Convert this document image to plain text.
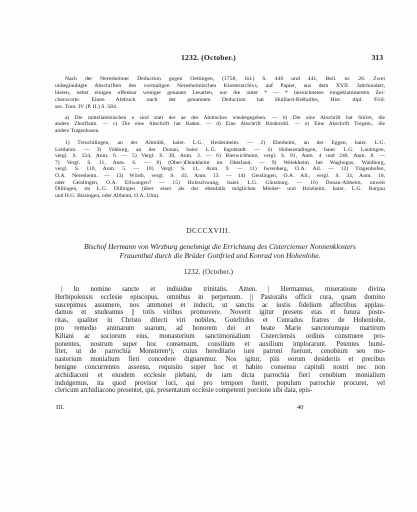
1232. (October.)	313
Nach der Neresheimer Deduction gegen Oettingen, (1758, fol.) S. 440 und 441, Beil. nr. 26. Zwei
unbeglaubigte Abschriften des vormaligen Neresheimischen Klosterarchivs, auf Papier, aus dem XVII. Jahrhundert,
bieten, nebst einigen offenbar weniger genauen Lesarten, nur die unter * — * bezeichneten eingeklammerten Zei-
chenworte. Einen Abdruck nach der genannten Deduction hat Huillard-Bréholles, Hist. dipl. Frid.
sec. Tom. IV (P. II.) S. 584.
a) Die mittellateinischen e sind statt der ae des Abdruckes wiedergegeben. — b) Die eine Abschrift hat Stirim, die
andere Zhorflaim. — c) Die eine Abschrift hat Baden. — d) Eine Abschrift Bindersdil. — e) Eine Abschrift Tregam., die
andere Tragenhusen.
1) Treuchtlingen, an der Altmühl, baier. L.G. Heidenheim. — 2) Eberheim, an der Eggen, baier. L.G.
Leitheim. — 3) Vohburg, an der Donau, baier. L.G. Ingolstadt. — 4) Hohenstadingen, baier. L.G. Lautingen,
vergl. S. 124, Anm. 6. — 5) Vergl. S. 38, Anm. 2. — 6) Bieswichheim, vergl. S. 81, Anm. 4 und 246. Anm. 8. —
7) Vergl. S. 11, Anm. 6. — 8) (Ober-)Deiekheim im Oberland. — 9) Weiekheim bei Wagbogus, Waldburg,
vergl. S. 110, Anm. 5. — 10) Vergl. S. 11, Anm. 9. — 11) Iwrenberg, O.A. Ail. — 12) Tragenhofen,
O.A. Neresheim. — 13) Wörth, vergl. S. 43, Anm. 13. — 14) Geislingen, O.A. Ail., vergl. S. 33, Anm. 10,
oder Geislingen, O.A. Ellwangen? — 15) Holzschwang, baier. L.G. Günzburg. — 16) Donau-Altheim, unweit
Dillingen, im L.G. Dillingen (über einer als der ebenfalls möglichen Minder- und Holzheim, baier. L.G. Burgau
und H.G. Bissingen, oder Altheim, O.A. Ulm).
DCCCXVIII.
Bischof Hermann von Wirzburg genehmigt die Errichtung des Cistercienser Nonnenklosters
Frauenthal durch die Brüder Gottfried und Konrad von Hohenlohe.
1232. (October.)
| In nomine sancte et indiuidue trinitatis. Amen. | Hermannus, miseratione divina
Herbipolensis ecclesie episcopus, omnibus in perpetuum. || Pastoralis officii cura, quam domino
suscepimus assumere, nos ammonet et inducit, ut sanctis ac iustis fidelium affectibus applau-
damus et studeamus || totis viribus promovere. Noverit igitur presens etas et futura poste-
ritas, qualiter in Christo dilecti viri nobiles, Gotefridus et Cunradus fratres de Hohenlohe,
pro remedio animarum suarum, ad honorem dei et beate Marie sanctorumque martirum
Kiliani ac sociorum eius, monasterium sanctimonialium Cisterciensis ordinis construere pro-
ponentes, nostrum super hoc consensum, consilium et auxilium implorarunt. Petentes humi-
liter, ut de parrochia Monsteren¹), cuius hereditario iure patroni fuerunt, cenobium seu mo-
nasterium monialium fieri concedere dignaremur. Nos igitur, piis eorum desideriis et precibus
benigne concurrentes assensu, requisito super hoc et habito consensu capituli nostri nec non
archidiaconi et eiusdem ecclesie plebani, de iam dicta parrochia fieri cenobium monialium
indulgemus, ita quod provisor loci, qui pro tempore fuerit, populum parrochie procuret, vel
clericum archidiacono presentet, qui, presentatum ecclesie competenti porcione sibi data, epis-
III.	40
